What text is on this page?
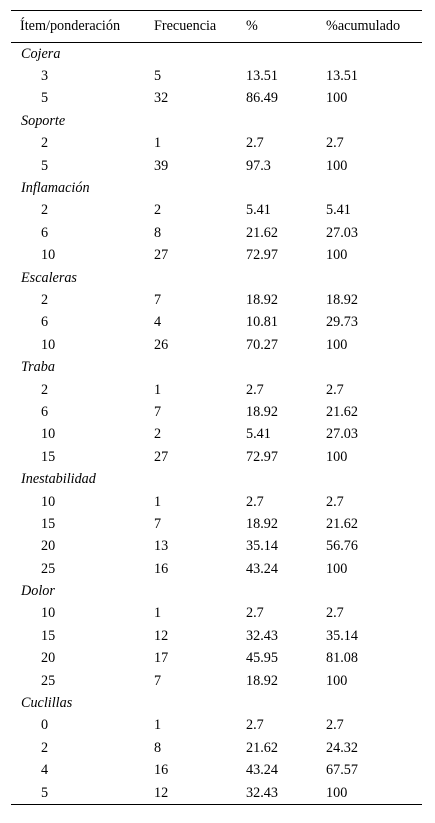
Ítem/ponderación	Frecuencia	%	%acumulado
Cojera			
3	5	13.51	13.51
5	32	86.49	100
Soporte			
2	1	2.7	2.7
5	39	97.3	100
Inflamación			
2	2	5.41	5.41
6	8	21.62	27.03
10	27	72.97	100
Escaleras			
2	7	18.92	18.92
6	4	10.81	29.73
10	26	70.27	100
Traba			
2	1	2.7	2.7
6	7	18.92	21.62
10	2	5.41	27.03
15	27	72.97	100
Inestabilidad			
10	1	2.7	2.7
15	7	18.92	21.62
20	13	35.14	56.76
25	16	43.24	100
Dolor			
10	1	2.7	2.7
15	12	32.43	35.14
20	17	45.95	81.08
25	7	18.92	100
Cuclillas			
0	1	2.7	2.7
2	8	21.62	24.32
4	16	43.24	67.57
5	12	32.43	100
